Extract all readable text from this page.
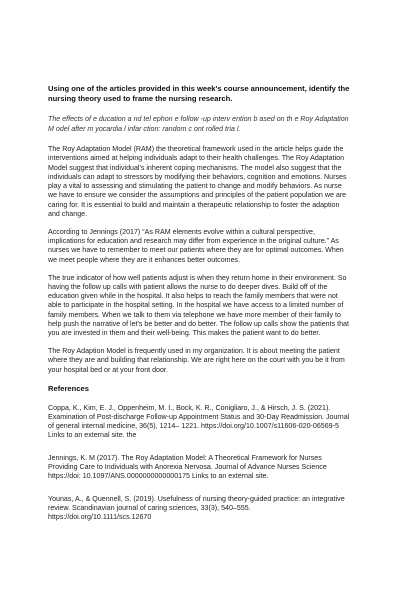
Using one of the articles provided in this week's course announcement, identify the nursing theory used to frame the nursing research.

The effects of e ducation a nd tel ephon e follow -up interv ention b ased on th e Roy Adaptation M odel after m yocardia l infar ction: random c ont rolled tria l.

The Roy Adaptation Model (RAM) the theoretical framework used in the article helps guide the interventions aimed at helping individuals adapt to their health challenges. The Roy Adaptation Model suggest that individual's inherent coping mechanisms. The model also suggest that the individuals can adapt to stressors by modifying their behaviors, cognition and emotions. Nurses play a vital to assessing and stimulating the patient to change and modify behaviors. As nurse we have to ensure we consider the assumptions and principles of the patient population we are caring for. It is essential to build and maintain a therapeutic relationship to foster the adaption and change.

According to Jennings (2017) “As RAM elements evolve within a cultural perspective, implications for education and research may differ from experience in the original culture.” As nurses we have to remember to meet our patients where they are for optimal outcomes. When we meet people where they are it enhances better outcomes.

The true indicator of how well patients adjust is when they return home in their environment. So having the follow up calls with patient allows the nurse to do deeper dives. Build off of the education given while in the hospital. It also helps to reach the family members that were not able to participate in the hospital setting. In the hospital we have access to a limited number of family members. When we talk to them via telephone we have more member of their family to help push the narrative of let's be better and do better. The follow up calls show the patients that you are invested in them and their well-being. This makes the patient want to do better.

The Roy Adaption Model is frequently used in my organization. It is about meeting the patient where they are and building that relationship. We are right here on the court with you be it from your hospital bed or at your front door.

References

Coppa, K., Kim, E. J., Oppenheim, M. I., Bock, K. R., Conigliaro, J., & Hirsch, J. S. (2021). Examination of Post-discharge Follow-up Appointment Status and 30-Day Readmission. Journal of general internal medicine, 36(5), 1214– 1221. https://doi.org/10.1007/s11606-020-06569-5 Links to an external site. the

Jennings, K. M (2017). The Roy Adaptation Model: A Theoretical Framework for Nurses Providing Care to Individuals with Anorexia Nervosa. Journal of Advance Nurses Science https://doi: 10.1097/ANS.0000000000000175 Links to an external site.

Younas, A., & Quennell, S. (2019). Usefulness of nursing theory-guided practice: an integrative review. Scandinavian journal of caring sciences, 33(3), 540–555. https://doi.org/10.1111/scs.12670
